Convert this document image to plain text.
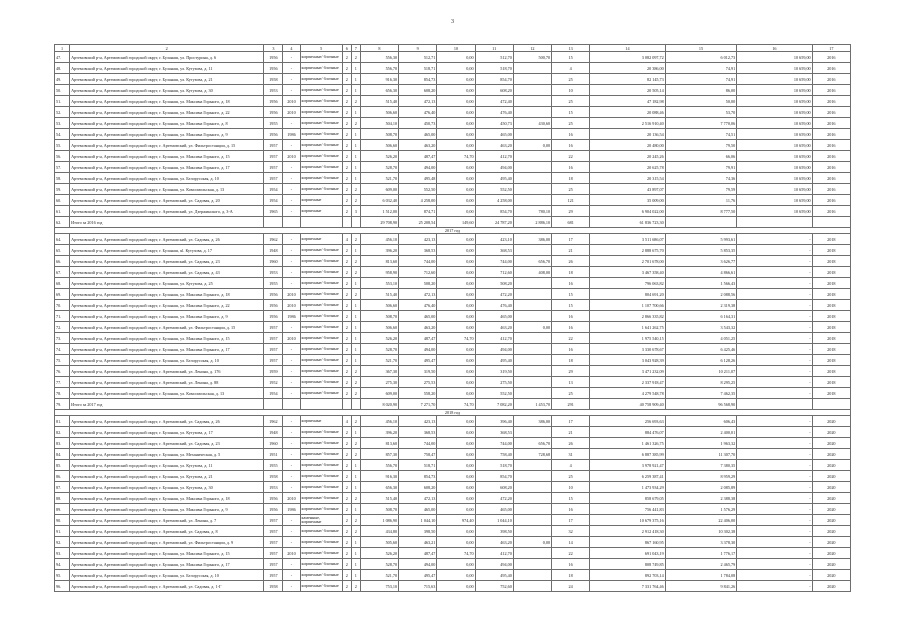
3
1	2	3	4	5	6	7	8	9	10	11	12	13	14	15	16	17
47.	Артемовский р-н, Артемовский городской округ, г. Буланаш, ул. Простурина, д. 6	1956	-	кирпичные/ блочные	2	2	556,30	512,71	0,00	512,70	500,70	15	3 082 097,72	6 012,73	10 659,00	2016
48.	Артемовский р-н, Артемовский городской округ, г. Буланаш, ул. Кутузова, д. 11	1956	-	кирпичные/ блочные	2	1	556,70	518,71	0,00	518,70		4	20 386,00	74,91	10 659,00	2016
49.	Артемовский р-н, Артемовский городской округ, г. Буланаш, ул. Кутузова, д. 21	1958	-	кирпичные/ блочные	2	1	916,30	854,73	0,00	854,70		25	82 145,73	74,91	10 659,00	2016
50.	Артемовский р-н, Артемовский городской округ, г. Буланаш, ул. Кутузова, д. 30	1953	-	кирпичные/ блочные	2	1	656,30	608,20	0,00	608,20		10	20 505,14	86,00	10 659,00	2016
51.	Артемовский р-н, Артемовский городской округ, г. Буланаш, ул. Максима Горького, д. 18	1956	2010	кирпичные/ блочные	2	2	515,40	472,13	0,00	472,40		25	47 182,98	50,00	10 659,00	2016
52.	Артемовский р-н, Артемовский городской округ, г. Буланаш, ул. Максима Горького, д. 22	1956	2010	кирпичные/ блочные	2	1	506,60	476,40	0,00	476,40		15	20 088,46	53,70	10 659,00	2016
53.	Артемовский р-н, Артемовский городской округ, г. Буланаш, ул. Максима Горького, д. 8	1955	-	кирпичные/ блочные	2	2	504,10	450,73	0,00	450,73	430,60	25	2 516 910,40	7 770,06	10 659,00	2016
54.	Артемовский р-н, Артемовский городской округ, г. Буланаш, ул. Максима Горького, д. 9	1956	1986	кирпичные/ блочные	2	1	508,70	465,00	0,00	465,00		16	20 136,54	74,51	10 659,00	2016
55.	Артемовский р-н, Артемовский городской округ, г. Артемовский, ул. Фильтростанции, д. 15	1957	-	кирпичные/ блочные	2	1	506,60	463,20	0,00	463,20	0,00	16	20 480,00	79,50	10 659,00	2016
56.	Артемовский р-н, Артемовский городской округ, г. Буланаш, ул. Максима Горького, д. 15	1957	2010	кирпичные/ блочные	2	1	526,20	487,47	74,70	412,70		22	20 245,26	66,06	10 659,00	2016
57.	Артемовский р-н, Артемовский городской округ, г. Буланаш, ул. Максима Горького, д. 17	1957	-	кирпичные/ блочные	2	1	528,70	494,00	0,00	494,00		16	20 625,78	79,91	10 659,00	2016
58.	Артемовский р-н, Артемовский городской округ, г. Буланаш, ул. Белорусская, д. 10	1957	-	кирпичные/ блочные	2	1	521,70	495,48	0,00	495,40		18	20 315,54	74,36	10 659,00	2016
59.	Артемовский р-н, Артемовский городской округ, г. Буланаш, ул. Комсомольская, д. 13	1954	-	кирпичные/ блочные	2	2	609,00	552,50	0,00	552,50		25	43 897,07	79,59	10 659,00	2016
60.	Артемовский р-н, Артемовский городской округ, г. Артемовский, ул. Садовая, д. 20	1954	-	кирпичные	2	2	6 032,40	4 258,00	0,00	4 258,00		121	35 009,00	11,76	10 659,00	2016
61.	Артемовский р-н, Артемовский городской округ, г. Артемовский, ул. Дзержинского, д. 3-А	1965	-	кирпичные	2	3	1 512,00	874,71	0,00	854,70	780,10	29	6 904 022,00	8 777,50	10 659,00	2016
62.	Итого за 2016 год						29 708,90	25 208,54	149,60	24 787,20	2 886,10	681	61 836 723,30			
2017 год																
64.	Артемовский р-н, Артемовский городской округ, г. Артемовский, ул. Садовая, д. 26	1962	-	кирпичные	4	2	456,10	423,13	0,00	423,10	386,00	17	3 511 686,07	5 993,61	-	2018
65.	Артемовский р-н, Артемовский городской округ, г. Буланаш, ul. Кутузова, д. 17	1948	-	кирпичные/ блочные	2	1	396,20	368,53	0,00	368,53		21	2 888 675,70	5 853,35	-	2018
66.	Артемовский р-н, Артемовский городской округ, г. Артемовский, ул. Садовая, д. 23	1960	-	кирпичные/ блочные	2	2	813,60	744,00	0,00	744,00	656,70	26	2 701 678,00	3 626,77	-	2018
67.	Артемовский р-н, Артемовский городской округ, г. Артемовский, ул. Садовая, д. 43	1953	-	кирпичные/ блочные	2	2	958,90	712,60	0,00	712,60	408,00	18	3 467 358,40	4 866,61	-	2018
68.	Артемовский р-н, Артемовский городской округ, г. Буланаш, ул. Кутузова, д. 25	1955	-	кирпичные/ блочные	2	1	553,10	508,20	0,00	508,20		16	796 063,82	1 566,43	-	2018
69.	Артемовский р-н, Артемовский городской округ, г. Буланаш, ул. Максима Горького, д. 18	1956	2010	кирпичные/ блочные	2	2	515,40	472,13	0,00	472,20		15	804 691,20	2 088,56	-	2018
70.	Артемовский р-н, Артемовский городской округ, г. Буланаш, ул. Максима Горького, д. 22	1956	2010	кирпичные/ блочные	2	1	506,60	476,40	0,00	476,40		15	1 107 700,66	2 319,38	-	2018
71.	Артемовский р-н, Артемовский городской округ, г. Буланаш, ул. Максима Горького, д. 9	1956	1986	кирпичные/ блочные	2	1	508,70	465,00	0,00	465,00		16	2 866 335,82	6 164,31	-	2018
72.	Артемовский р-н, Артемовский городской округ, г. Артемовский, ул. Фильтростанции, д. 15	1957	-	кирпичные/ блочные	2	1	506,60	463,20	0,00	463,20	0,00	16	1 641 262,75	3 543,32	-	2018
73.	Артемовский р-н, Артемовский городской округ, г. Буланаш, ул. Максима Горького, д. 15	1957	2010	кирпичные/ блочные	2	1	526,20	487,47	74,70	412,70		22	1 975 540,15	4 051,25	-	2018
74.	Артемовский р-н, Артемовский городской округ, г. Буланаш, ул. Максима Горького, д. 17	1957	-	кирпичные/ блочные	2	1	528,70	494,00	0,00	494,00		16	3 330 678,67	6 425,46	-	2018
75.	Артемовский р-н, Артемовский городской округ, г. Буланаш, ул. Белорусская, д. 10	1957	-	кирпичные/ блочные	2	1	521,70	495,47	0,00	495,40		18	3 043 928,39	6 128,26	-	2018
76.	Артемовский р-н, Артемовский городской округ, г. Артемовский, ул. Ленина, д. 176	1959	-	кирпичные/ блочные	2	2	367,30	319,50	0,00	319,50		29	3 471 232,09	10 211,07	-	2018
77.	Артемовский р-н, Артемовский городской округ, г. Артемовский, ул. Ленина, д. 88	1952	-	кирпичные/ блочные	2	2	275,30	275,53	0,00	275,50		13	2 337 918,47	8 295,25	-	2018
78.	Артемовский р-н, Артемовский городской округ, г. Буланаш, ул. Комсомольская, д. 13	1954	-	кирпичные/ блочные	2	2	609,00	558,20	0,00	552,50		25	4 279 548,78	7 462,35	-	2018
79.	Итого за 2017 год						8 020,90	7 271,70	74,70	7 082,20	1 453,70	291	40 758 909,40	96 568,90		
2018 год																
81.	Артемовский р-н, Артемовский городской округ, г. Артемовский, ул. Садовая, д. 26	1962	-	кирпичные	4	2	456,10	423,13	0,00	396,40	386,00	17	256 693,63	606,43	-	2020
82.	Артемовский р-н, Артемовский городской округ, г. Буланаш, ул. Кутузова, д. 17	1948	-	кирпичные/ блочные	2	1	396,20	368,53	0,00	368,53		21	884 476,07	2 400,01	-	2020
83.	Артемовский р-н, Артемовский городской округ, г. Артемовский, ул. Садовая, д. 23	1960	-	кирпичные/ блочные	2	2	813,60	744,00	0,00	744,00	656,70	26	1 461 326,75	1 963,32	-	2020
84.	Артемовский р-н, Артемовский городской округ, г. Буланаш, ул. Механическая, д. 5	1951	-	кирпичные/ блочные	2	2	857,30	758,47	0,00	758,40	728,68	31	6 887 385,99	11 307,70	-	2020
85.	Артемовский р-н, Артемовский городской округ, г. Буланаш, ул. Кутузова, д. 11	1955	-	кирпичные/ блочные	2	1	556,70	518,71	0,00	518,70		4	3 978 921,47	7 380,35	-	2020
86.	Артемовский р-н, Артемовский городской округ, г. Буланаш, ул. Кутузова, д. 21	1958	-	кирпичные/ блочные	2	1	916,30	854,73	0,00	854,70		25	6 259 387,41	8 959,29	-	2020
87.	Артемовский р-н, Артемовский городской округ, г. Буланаш, ул. Кутузова, д. 30	1953	-	кирпичные/ блочные	2	1	656,30	608,20	0,00	608,20		10	1 473 934,29	2 085,89	-	2020
88.	Артемовский р-н, Артемовский городской округ, г. Буланаш, ул. Максима Горького, д. 18	1956	2010	кирпичные/ блочные	2	2	515,40	472,13	0,00	472,20		15	858 679,05	2 388,38	-	2020
89.	Артемовский р-н, Артемовский городской округ, г. Буланаш, ул. Максима Горького, д. 9	1956	1986	кирпичные/ блочные	2	1	508,70	465,00	0,00	465,00		16	756 441,83	1 576,29	-	2020
90.	Артемовский р-н, Артемовский городской округ, г. Артемовский, ул. Ленина, д. 7	1957	-	каменные, кирпичные	2	2	1 086,90	1 044,10	974,40	1 044,10		17	10 679 375,16	22 406,00	-	2020
91.	Артемовский р-н, Артемовский городской округ, г. Артемовский, ул. Садовая, д. 8	1957	-	кирпичные/ блочные	2	2	434,80	398,50	0,00	398,50		32	2 912 418,30	10 302,38	-	2020
92.	Артемовский р-н, Артемовский городской округ, г. Артемовский, ул. Фильтростанции, д. 9	1957	-	кирпичные/ блочные	2	1	505,60	463,21	0,00	463,20	0,00	14	867 160,95	3 378,30	-	2020
93.	Артемовский р-н, Артемовский городской округ, г. Буланаш, ул. Максима Горького, д. 15	1957	2010	кирпичные/ блочные	2	1	526,20	487,47	74,70	412,70		22	691 043,19	1 776,17	-	2020
94.	Артемовский р-н, Артемовский городской округ, г. Буланаш, ул. Максима Горького, д. 17	1957	-	кирпичные/ блочные	2	1	528,70	494,00	0,00	494,00		16	808 749,85	2 465,79	-	2020
95.	Артемовский р-н, Артемовский городской округ, г. Буланаш, ул. Белорусская, д. 10	1957	-	кирпичные/ блочные	2	1	521,70	495,47	0,00	495,40		18	892 703,14	1 784,08	-	2020
96.	Артемовский р-н, Артемовский городской округ, г. Артемовский, ул. Садовая, д. 1-Г	1958	-	кирпичные/ блочные	2	2	753,10	715,63	0,00	752,60		24	7 331 764,46	9 841,26	-	2020
